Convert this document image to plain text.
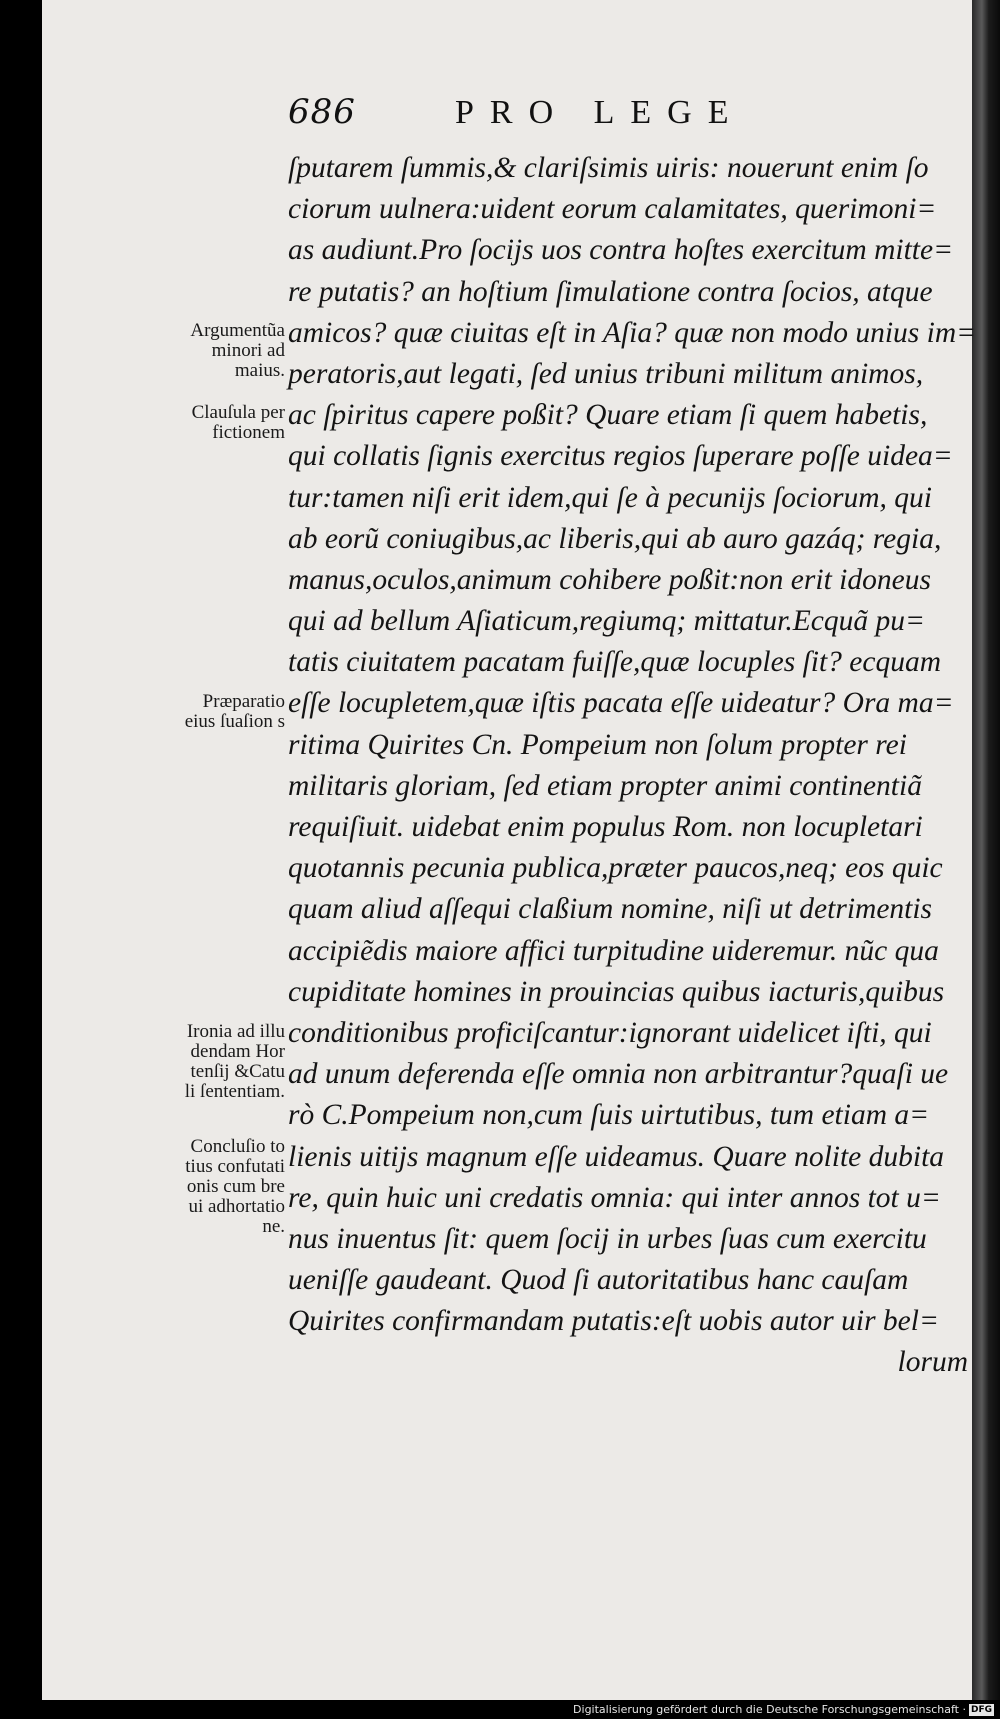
686	PRO LEGE
ſputarem ſummis,& clariſsimis uiris: nouerunt enim ſo
ciorum uulnera:uident eorum calamitates, querimoni=
as audiunt.Pro ſocijs uos contra hoſtes exercitum mitte=
re putatis? an hoſtium ſimulatione contra ſocios, atque
amicos? quæ ciuitas eſt in Aſia? quæ non modo unius im=
peratoris,aut legati, ſed unius tribuni militum animos,
ac ſpiritus capere poßit? Quare etiam ſi quem habetis,
qui collatis ſignis exercitus regios ſuperare poſſe uidea=
tur:tamen niſi erit idem,qui ſe à pecunijs ſociorum, qui
ab eorũ coniugibus,ac liberis,qui ab auro gazáq; regia,
manus,oculos,animum cohibere poßit:non erit idoneus
qui ad bellum Aſiaticum,regiumq; mittatur.Ecquã pu=
tatis ciuitatem pacatam fuiſſe,quæ locuples ſit? ecquam
eſſe locupletem,quæ iſtis pacata eſſe uideatur? Ora ma=
ritima Quirites Cn. Pompeium non ſolum propter rei
militaris gloriam, ſed etiam propter animi continentiã
requiſiuit. uidebat enim populus Rom. non locupletari
quotannis pecunia publica,præter paucos,neq; eos quic
quam aliud aſſequi claßium nomine, niſi ut detrimentis
accipiẽdis maiore affici turpitudine uideremur. nũc qua
cupiditate homines in prouincias quibus iacturis,quibus
conditionibus proficiſcantur:ignorant uidelicet iſti, qui
ad unum deferenda eſſe omnia non arbitrantur?quaſi ue
rò C.Pompeium non,cum ſuis uirtutibus, tum etiam a=
lienis uitijs magnum eſſe uideamus. Quare nolite dubita
re, quin huic uni credatis omnia: qui inter annos tot u=
nus inuentus ſit: quem ſocij in urbes ſuas cum exercitu
ueniſſe gaudeant. Quod ſi autoritatibus hanc cauſam
Quirites confirmandam putatis:eſt uobis autor uir bel=
lorum
Argumentũa
minori ad
maius.
Clauſula per
fictionem
Præparatio
eius ſuaſion s
Ironia ad illu
dendam Hor
tenſij &Catu
li ſententiam.
Concluſio to
tius confutati
onis cum bre
ui adhortatio
ne.
Digitalisierung gefördert durch die Deutsche Forschungsgemeinschaft · DFG
